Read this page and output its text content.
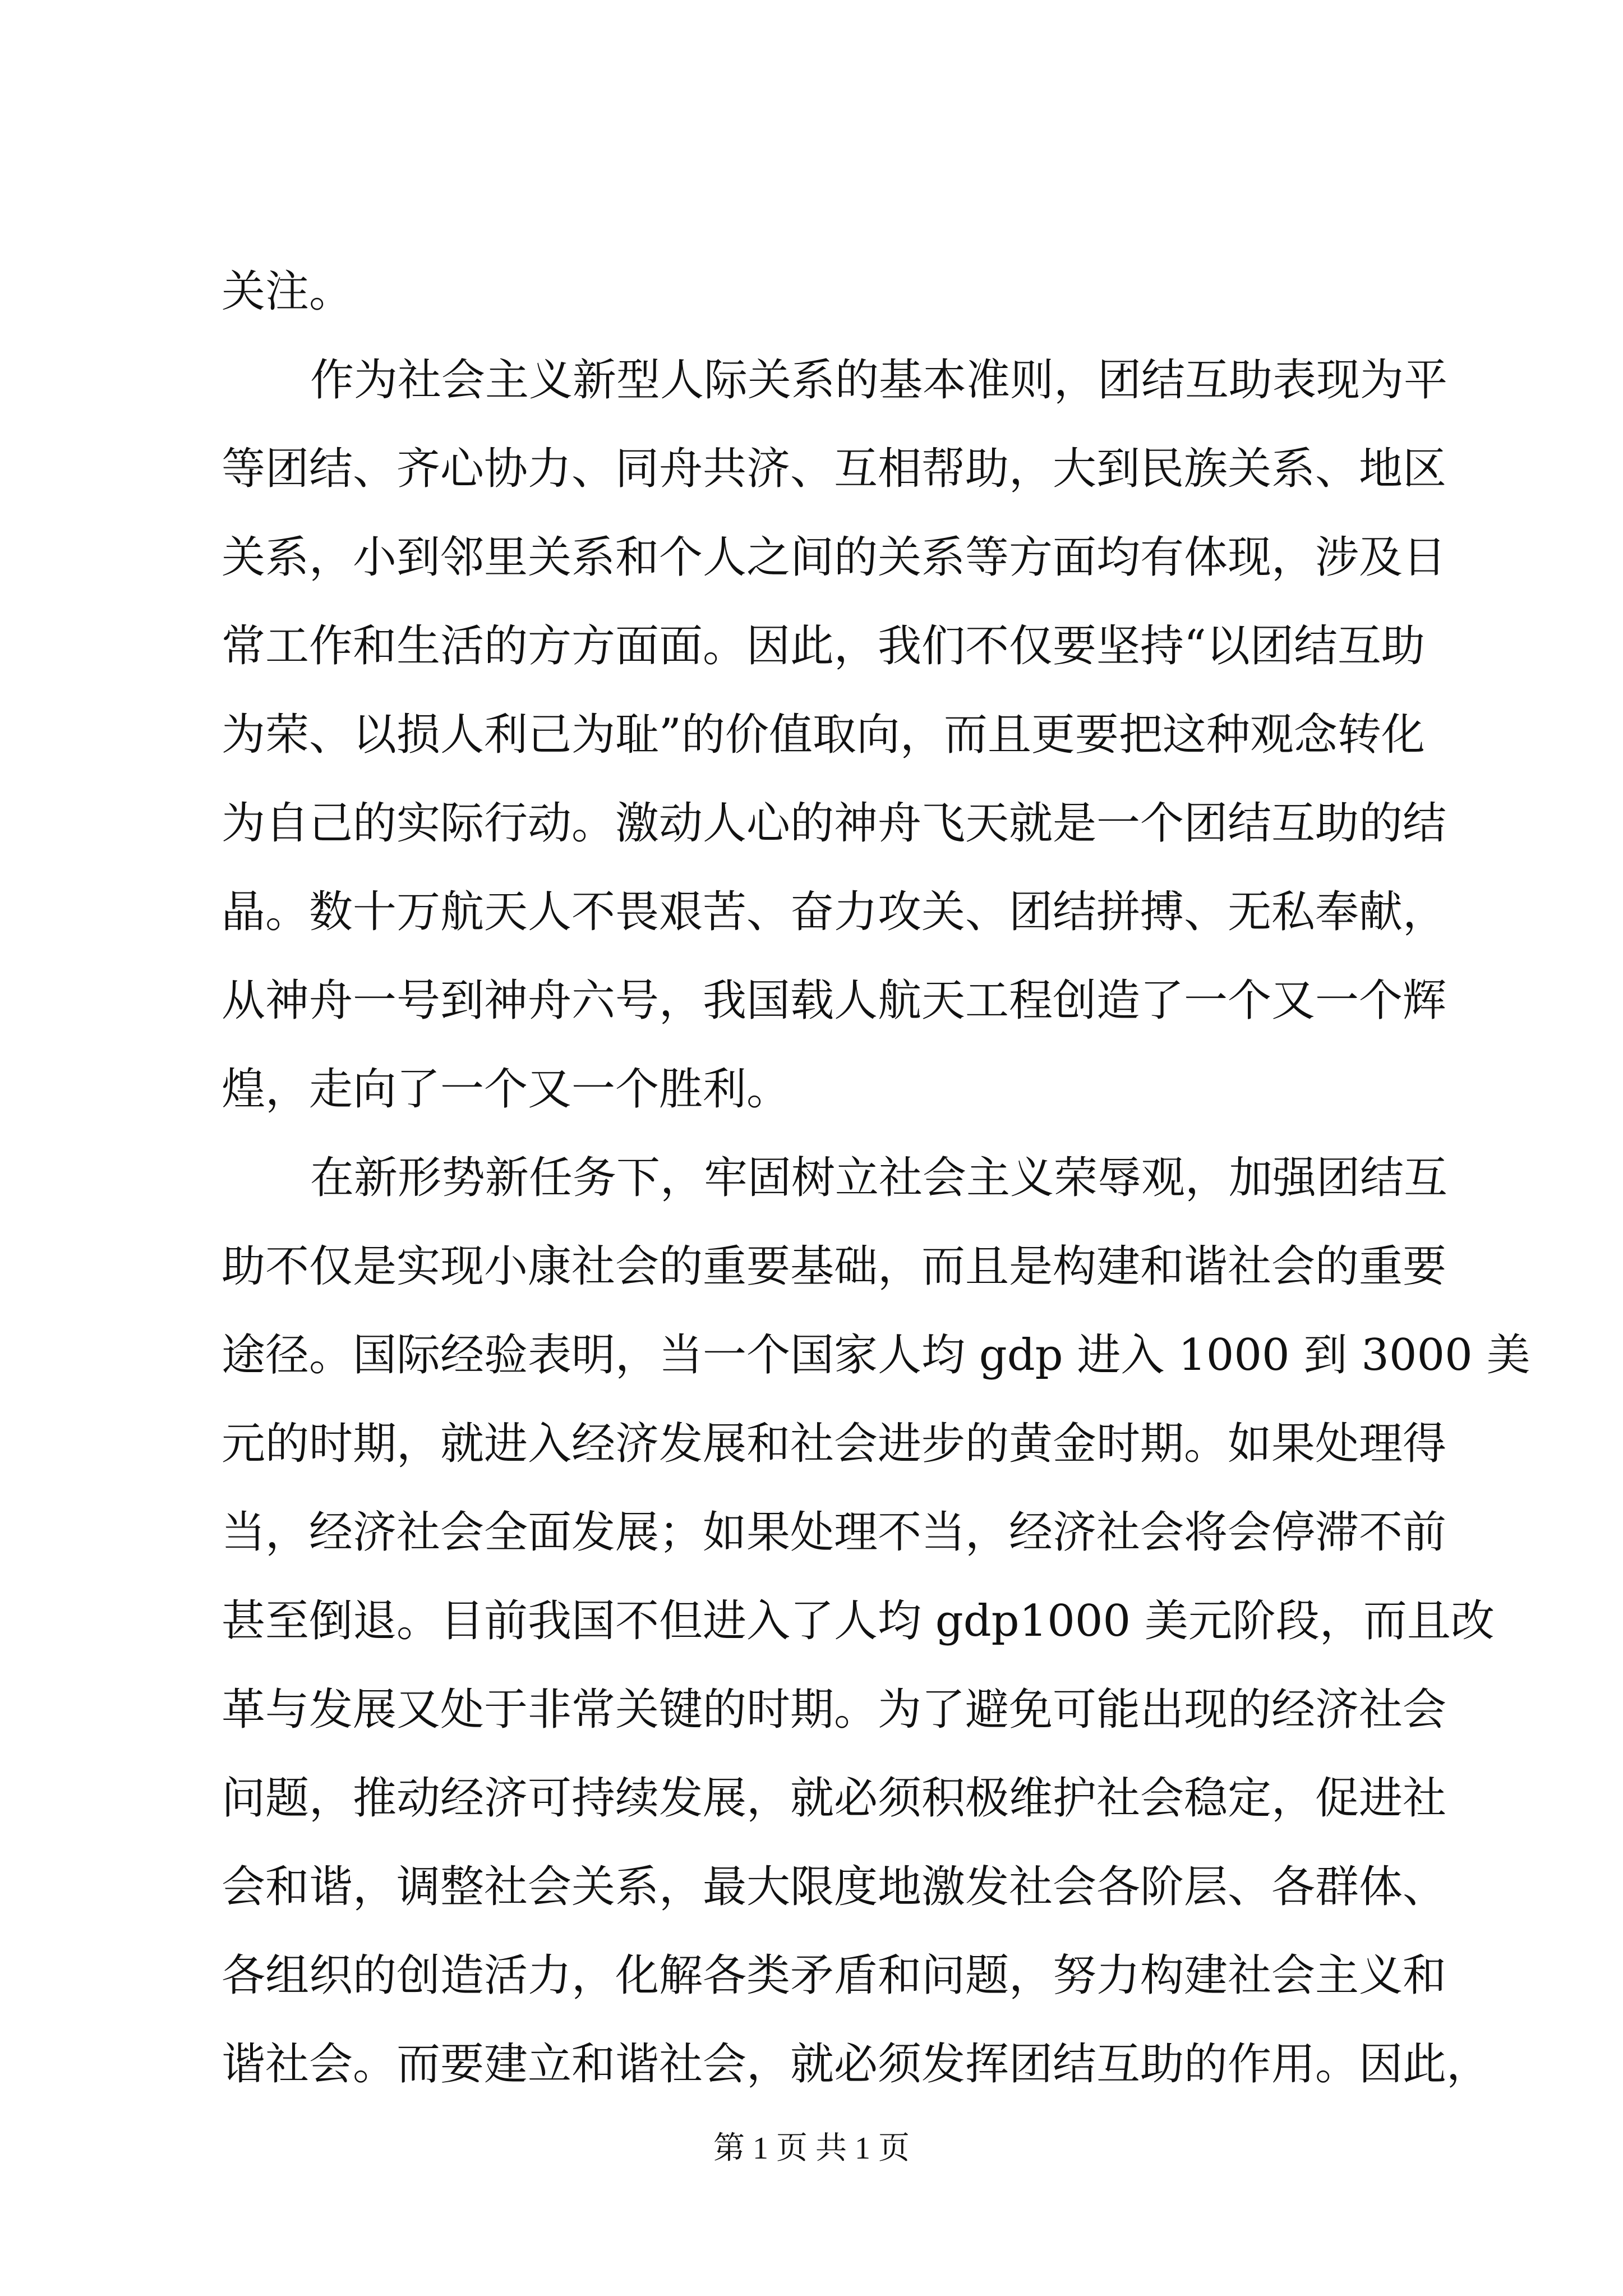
关注。
作为社会主义新型人际关系的基本准则，团结互助表现为平
等团结、齐心协力、同舟共济、互相帮助，大到民族关系、地区
关系，小到邻里关系和个人之间的关系等方面均有体现，涉及日
常工作和生活的方方面面。因此，我们不仅要坚持“以团结互助
为荣、以损人利己为耻”的价值取向，而且更要把这种观念转化
为自己的实际行动。激动人心的神舟飞天就是一个团结互助的结
晶。数十万航天人不畏艰苦、奋力攻关、团结拼搏、无私奉献，
从神舟一号到神舟六号，我国载人航天工程创造了一个又一个辉
煌，走向了一个又一个胜利。
在新形势新任务下，牢固树立社会主义荣辱观，加强团结互
助不仅是实现小康社会的重要基础，而且是构建和谐社会的重要
途径。国际经验表明，当一个国家人均 gdp 进入 1000 到 3000 美
元的时期，就进入经济发展和社会进步的黄金时期。如果处理得
当，经济社会全面发展；如果处理不当，经济社会将会停滞不前
甚至倒退。目前我国不但进入了人均 gdp1000 美元阶段，而且改
革与发展又处于非常关键的时期。为了避免可能出现的经济社会
问题，推动经济可持续发展，就必须积极维护社会稳定，促进社
会和谐，调整社会关系，最大限度地激发社会各阶层、各群体、
各组织的创造活力，化解各类矛盾和问题，努力构建社会主义和
谐社会。而要建立和谐社会，就必须发挥团结互助的作用。因此，
第 1 页 共 1 页
